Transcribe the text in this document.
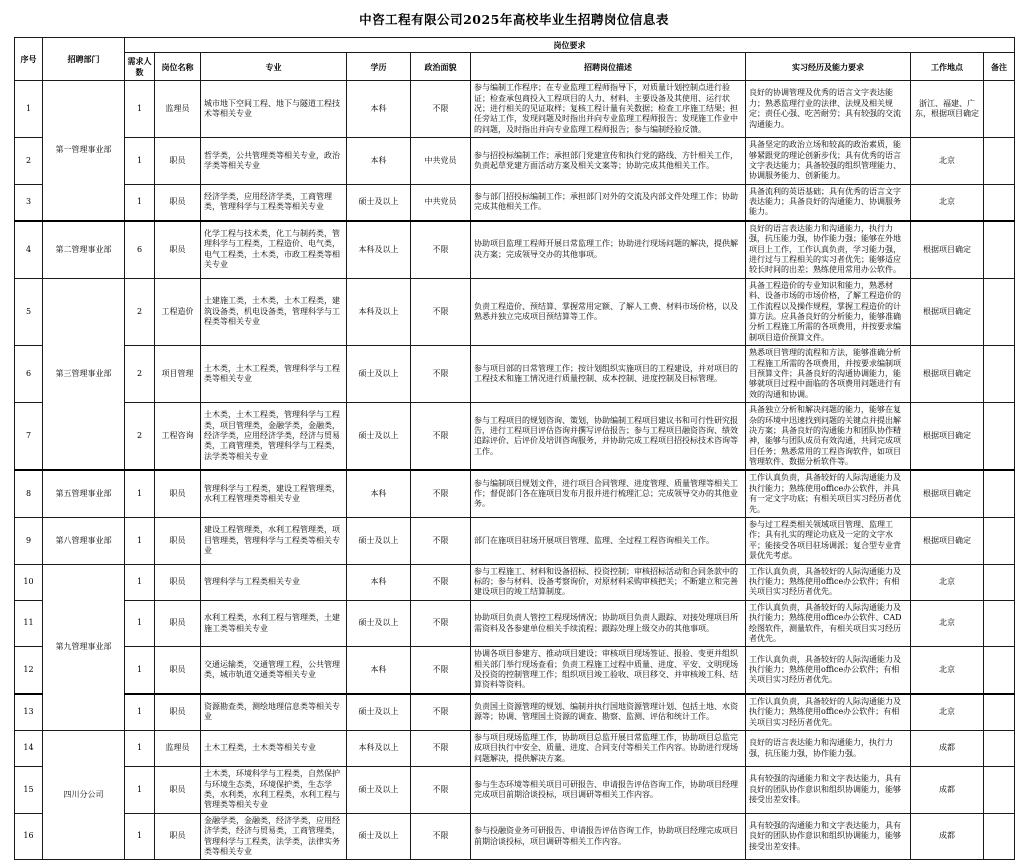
中咨工程有限公司2025年高校毕业生招聘岗位信息表
序号	招聘部门	岗位要求								
		需求人数	岗位名称	专业	学历	政治面貌	招聘岗位描述	实习经历及能力要求	工作地点	备注
1	第一管理事业部	1	监理员	城市地下空间工程、地下与隧道工程技术等相关专业	本科	不限	参与编制工作程序；在专业监理工程师指导下，对质量计划控制点进行验证；检查承包商投入工程项目的人力、材料、主要设备及其使用、运行状况；进行相关的见证取样；复核工程计量有关数据；检查工序施工结果；担任旁站工作，发现问题及时指出并向专业监理工程师报告；发现施工作业中的问题，及时指出并向专业监理工程师报告；参与编制经验反馈。	良好的协调管理及优秀的语言文字表达能力；熟悉监理行业的法律、法规及相关规定；责任心强、吃苦耐劳；具有较强的交流沟通能力。	浙江、福建、广东，根据项目确定	
2		1	职员	哲学类，公共管理类等相关专业，政治学类等相关专业	本科	中共党员	参与招投标编制工作；承担部门党建宣传和执行党的路线、方针相关工作，负责起草党建方面活动方案及相关文案等；协助完成其他相关工作。	具备坚定的政治立场和较高的政治素质，能够紧跟党的理论创新步伐；具有优秀的语言文字表达能力；具备较强的组织管理能力、协调服务能力、创新能力。	北京	
3		1	职员	经济学类，应用经济学类，工商管理类，管理科学与工程类等相关专业	硕士及以上	中共党员	参与部门招投标编制工作；承担部门对外的交流及内部文件处理工作；协助完成其他相关工作。	具备流利的英语基础；具有优秀的语言文字表达能力；具备良好的沟通能力、协调服务能力。	北京	
4	第二管理事业部	6	职员	化学工程与技术类，化工与制药类，管理科学与工程类，工程造价、电气类，电气工程类，土木类，市政工程类等相关专业	本科及以上	不限	协助项目监理工程师开展日常监理工作；协助进行现场问题的解决，提供解决方案；完成领导交办的其他事项。	良好的语言表达能力和沟通能力，执行力强，抗压能力强，协作能力强；能够在外地项目上工作，工作认真负责，学习能力强，进行过与工程相关的实习者优先；能够适应较长时间的出差；熟练使用常用办公软件。	根据项目确定	
5	第三管理事业部	2	工程造价	土建施工类，土木类，土木工程类，建筑设备类，机电设备类，管理科学与工程类等相关专业	本科及以上	不限	负责工程造价、预结算、掌握常用定额、了解人工费、材料市场价格，以及熟悉并独立完成项目预结算等工作。	具备工程造价的专业知识和能力，熟悉材料、设备市场的市场价格，了解工程造价的工作流程以及操作规程，掌握工程造价的计算方法。应具备良好的分析能力，能够准确分析工程施工所需的各项费用，并按要求编制项目造价预算文件。	根据项目确定	
6		2	项目管理	土木类，土木工程类，管理科学与工程类等相关专业	硕士及以上	不限	参与项目部的日常管理工作；按计划组织实施项目的工程建设，并对项目的工程技术和施工情况进行质量控制、成本控制、进度控制及目标管理。	熟悉项目管理的流程和方法，能够准确分析工程施工所需的各项费用，并按要求编制项目预算文件；具备良好的沟通协调能力，能够就项目过程中面临的各项费用问题进行有效的沟通和协调。	根据项目确定	
7		2	工程咨询	土木类，土木工程类，管理科学与工程类，项目管理类，金融学类，金融类，经济学类，应用经济学类，经济与贸易类，工商管理类，管理科学与工程类，法学类等相关专业	硕士及以上	不限	参与工程项目的规划咨询、策划，协助编制工程项目建议书和可行性研究报告，进行工程项目评估咨询并撰写评估报告；参与工程项目融资咨询、绩效追踪评价、后评价及培训咨询服务，并协助完成工程项目招投标技术咨询等工作。	具备独立分析和解决问题的能力，能够在复杂的环境中迅速找到问题的关键点并提出解决方案；具备良好的沟通能力和团队协作精神，能够与团队成员有效沟通，共同完成项目任务；熟悉常用的工程咨询软件，如项目管理软件、数据分析软件等。	根据项目确定	
8	第五管理事业部	1	职员	管理科学与工程类，建设工程管理类，水利工程管理类等相关专业	本科	不限	参与编制项目规划文件，进行项目合同管理、进度管理、质量管理等相关工作；督促部门各在施项目发布月报并进行梳理汇总；完成领导交办的其他业务。	工作认真负责，具备较好的人际沟通能力及执行能力；熟练使用office办公软件，并具有一定文字功底；有相关项目实习经历者优先。	根据项目确定	
9	第八管理事业部	1	职员	建设工程管理类，水利工程管理类，项目管理类，管理科学与工程类等相关专业	硕士及以上	不限	部门在施项目驻场开展项目管理、监理、全过程工程咨询相关工作。	参与过工程类相关领域项目管理、监理工作；具有扎实的理论功底及一定的文字水平；能接受各项目驻场调派；复合型专业背景优先考虑。	根据项目确定	
10	第九管理事业部	1	职员	管理科学与工程类相关专业	本科	不限	参与工程施工、材料和设备招标、投资控制；审核招标活动和合同条款中的标的；参与材料、设备考察询价，对原材料采购审核把关；不断建立和完善建设项目的竣工结算制度。	工作认真负责，具备较好的人际沟通能力及执行能力；熟练使用office办公软件；有相关项目实习经历者优先。	北京	
11		1	职员	水利工程类，水利工程与管理类，土建施工类等相关专业	硕士及以上	不限	协助项目负责人管控工程现场情况；协助项目负责人跟踪、对接处理项目所需资料及各参建单位相关手续流程；跟踪处理上级交办的其他事项。	工作认真负责，具备较好的人际沟通能力及执行能力；熟练使用office办公软件、CAD绘图软件，测量软件，有相关项目实习经历者优先。	北京	
12		1	职员	交通运输类，交通管理工程，公共管理类，城市轨道交通类等相关专业	本科	不限	协调各项目参建方、推动项目建设；审核项目现场签证、报验、变更并组织相关部门举行现场查看；负责工程施工过程中质量、进度、平安、文明现场及投资的控制管理工作；组织项目竣工验收、项目移交、并审核竣工科、结算资料等资料。	工作认真负责，具备较好的人际沟通能力及执行能力；熟练使用office办公软件；有相关项目实习经历者优先。	北京	
13		1	职员	资源勘查类，测绘地理信息类等相关专业	硕士及以上	不限	负责国土资源管理的规划、编制并执行国地资源管理计划、包括土地、水资源等；协调、管理国土资源的调查、勘察、监测、评估和统计工作。	工作认真负责，具备较好的人际沟通能力及执行能力；熟练使用office办公软件；有相关项目实习经历者优先。	北京	
14	四川分公司	1	监理员	土木工程类，土木类等相关专业	本科及以上	不限	参与项目现场监理工作，协助项目总监开展日常监理工作，协助项目总监完成项目执行中安全、质量、进度、合同支付等相关工作内容。协助进行现场问题解决，提供解决方案。	良好的语言表达能力和沟通能力，执行力强，抗压能力强，协作能力强。	成都	
15		1	职员	土木类，环境科学与工程类，自然保护与环境生态类，环境保护类，生态学类，水利类，水利工程类，水利工程与管理类等相关专业	硕士及以上	不限	参与生态环境等相关项目可研报告、申请报告评估咨询工作，协助项目经理完成项目前期洽谈投标，项目调研等相关工作内容。	具有较强的沟通能力和文字表达能力，具有良好的团队协作意识和组织协调能力，能够接受出差安排。	成都	
16		1	职员	金融学类，金融类，经济学类，应用经济学类，经济与贸易类，工商管理类，管理科学与工程类，法学类，法律实务类等相关专业	硕士及以上	不限	参与投融资业务可研报告、申请报告评估咨询工作，协助项目经理完成项目前期洽谈投标，项目调研等相关工作内容。	具有较强的沟通能力和文字表达能力，具有良好的团队协作意识和组织协调能力，能够接受出差安排。	成都	
